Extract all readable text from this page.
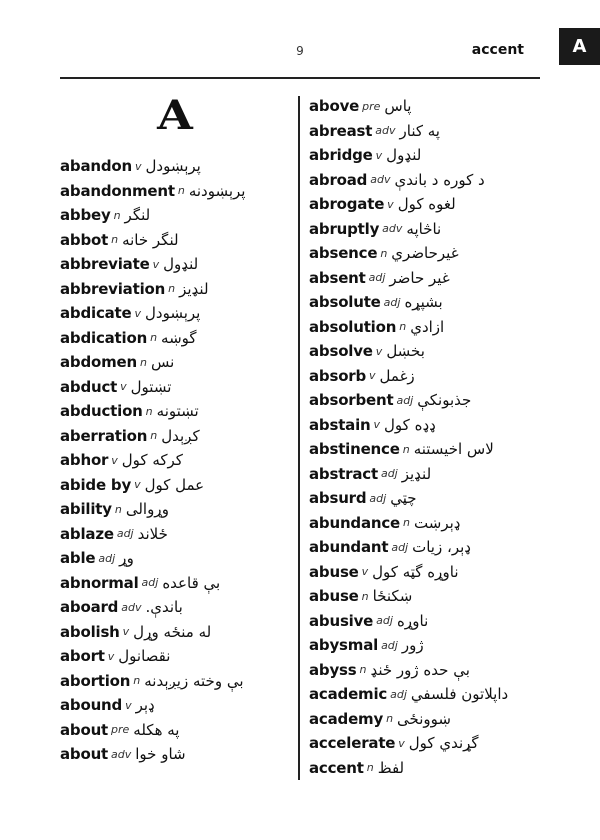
9	accent	A
A
abandon v پرېښودل
abandonment n پرېښودنه
abbey n لنگر
abbot n لنگر خانه
abbreviate v لنډول
abbreviation n لنډيز
abdicate v پرېښودل
abdication n گوښه
abdomen n نس
abduct v تښتول
abduction n تښتونه
aberration n کږېدل
abhor v کرکه کول
abide by v عمل کول
ability n وړوالی
ablaze adj ځلاند
able adj وړ
abnormal adj بې قاعده
aboard adv باندې.
abolish v له منځه وړل
abort v نقصانول
abortion n بې وخته زيږېدنه
abound v ډېر
about pre په هکله
about adv شاو خوا
above pre پاس
abreast adv په کنار
abridge v لنډول
abroad adv د کوره د باندې
abrogate v لغوه کول
abruptly adv ناڅاپه
absence n غيرحاضري
absent adj غير حاضر
absolute adj بشپړه
absolution n ازادي
absolve v بخښل
absorb v زغمل
absorbent adj جذبونکې
abstain v ډډه کول
abstinence n لاس اخيستنه
abstract adj لنډيز
absurd adj چټي
abundance n ډېرښت
abundant adj ډېر، زيات
abuse v ناوړه گټه کول
abuse n ښکنځا
abusive adj ناوړه
abysmal adj ژور
abyss n بې حده ژور ځنډ
academic adj داپلاتون فلسفي
academy n ښوونځى
accelerate v گړندي كول
accent n لفظ
